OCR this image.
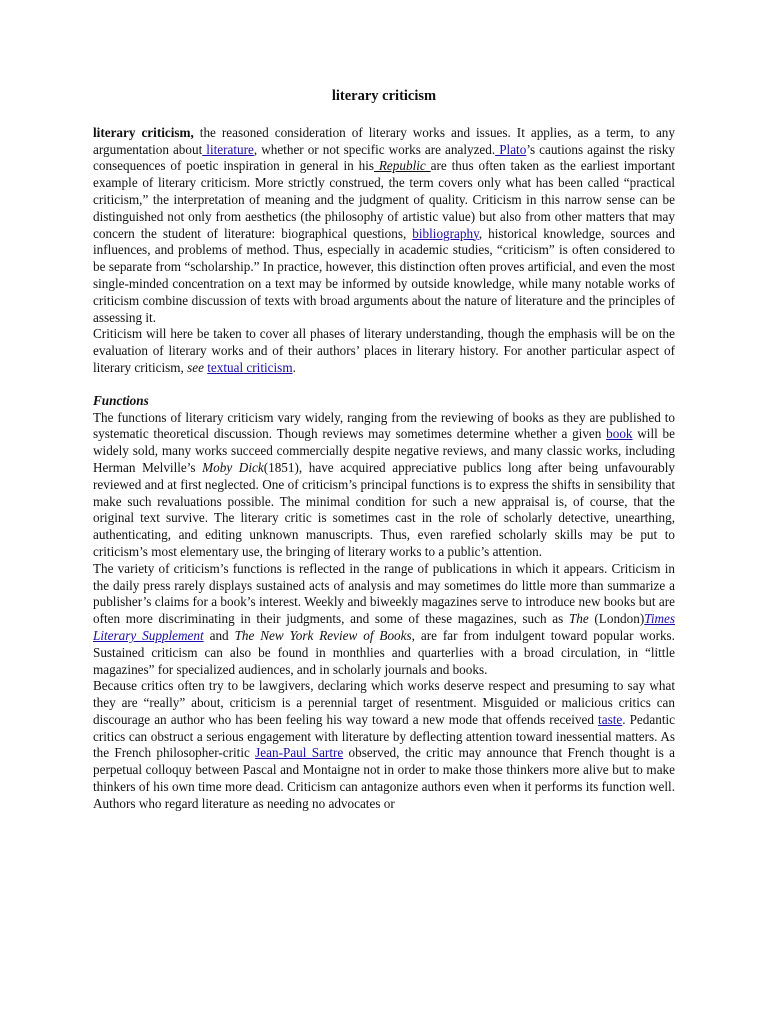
literary criticism

literary criticism, the reasoned consideration of literary works and issues. It applies, as a term, to any argumentation about literature, whether or not specific works are analyzed. Plato’s cautions against the risky consequences of poetic inspiration in general in his Republic are thus often taken as the earliest important example of literary criticism. More strictly construed, the term covers only what has been called “practical criticism,” the interpretation of meaning and the judgment of quality. Criticism in this narrow sense can be distinguished not only from aesthetics (the philosophy of artistic value) but also from other matters that may concern the student of literature: biographical questions, bibliography, historical knowledge, sources and influences, and problems of method. Thus, especially in academic studies, “criticism” is often considered to be separate from “scholarship.” In practice, however, this distinction often proves artificial, and even the most single-minded concentration on a text may be informed by outside knowledge, while many notable works of criticism combine discussion of texts with broad arguments about the nature of literature and the principles of assessing it.

Criticism will here be taken to cover all phases of literary understanding, though the emphasis will be on the evaluation of literary works and of their authors’ places in literary history. For another particular aspect of literary criticism, see textual criticism.

Functions

The functions of literary criticism vary widely, ranging from the reviewing of books as they are published to systematic theoretical discussion. Though reviews may sometimes determine whether a given book will be widely sold, many works succeed commercially despite negative reviews, and many classic works, including Herman Melville’s Moby Dick(1851), have acquired appreciative publics long after being unfavourably reviewed and at first neglected. One of criticism’s principal functions is to express the shifts in sensibility that make such revaluations possible. The minimal condition for such a new appraisal is, of course, that the original text survive. The literary critic is sometimes cast in the role of scholarly detective, unearthing, authenticating, and editing unknown manuscripts. Thus, even rarefied scholarly skills may be put to criticism’s most elementary use, the bringing of literary works to a public’s attention.

The variety of criticism’s functions is reflected in the range of publications in which it appears. Criticism in the daily press rarely displays sustained acts of analysis and may sometimes do little more than summarize a publisher’s claims for a book’s interest. Weekly and biweekly magazines serve to introduce new books but are often more discriminating in their judgments, and some of these magazines, such as The (London)Times Literary Supplement and The New York Review of Books, are far from indulgent toward popular works. Sustained criticism can also be found in monthlies and quarterlies with a broad circulation, in “little magazines” for specialized audiences, and in scholarly journals and books.

Because critics often try to be lawgivers, declaring which works deserve respect and presuming to say what they are “really” about, criticism is a perennial target of resentment. Misguided or malicious critics can discourage an author who has been feeling his way toward a new mode that offends received taste. Pedantic critics can obstruct a serious engagement with literature by deflecting attention toward inessential matters. As the French philosopher-critic Jean-Paul Sartre observed, the critic may announce that French thought is a perpetual colloquy between Pascal and Montaigne not in order to make those thinkers more alive but to make thinkers of his own time more dead. Criticism can antagonize authors even when it performs its function well. Authors who regard literature as needing no advocates or
